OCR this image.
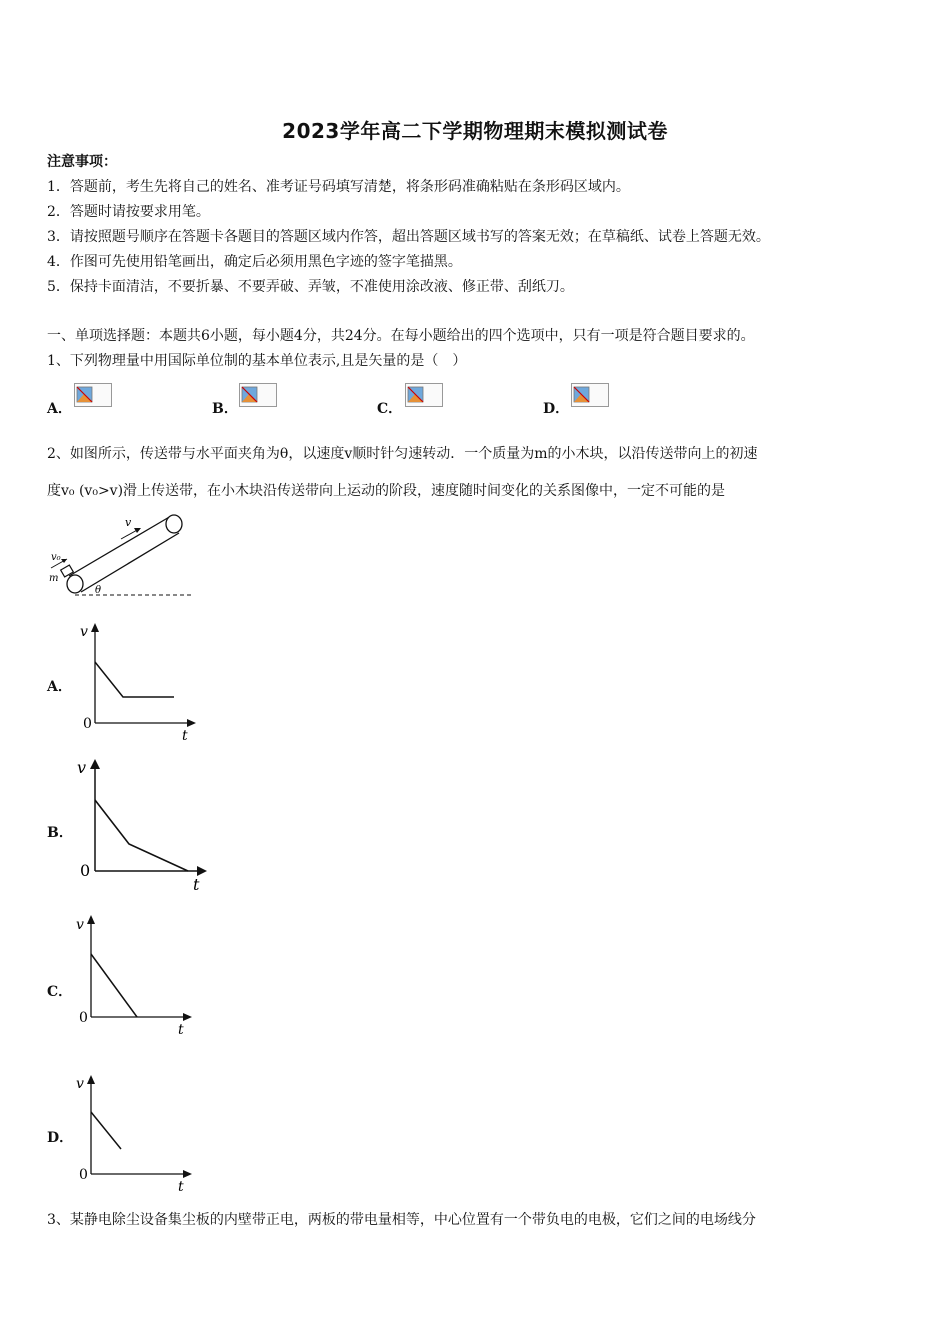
2023学年高二下学期物理期末模拟测试卷
注意事项：
1．答题前，考生先将自己的姓名、准考证号码填写清楚，将条形码准确粘贴在条形码区域内。
2．答题时请按要求用笔。
3．请按照题号顺序在答题卡各题目的答题区域内作答，超出答题区域书写的答案无效；在草稿纸、试卷上答题无效。
4．作图可先使用铅笔画出，确定后必须用黑色字迹的签字笔描黑。
5．保持卡面清洁，不要折暴、不要弄破、弄皱，不准使用涂改液、修正带、刮纸刀。
一、单项选择题：本题共6小题，每小题4分，共24分。在每小题给出的四个选项中，只有一项是符合题目要求的。
1、下列物理量中用国际单位制的基本单位表示,且是矢量的是（　）
A．	B．	C．	D．
2、如图所示，传送带与水平面夹角为θ，以速度v顺时针匀速转动．一个质量为m的小木块，以沿传送带向上的初速
度v₀ (v₀>v)滑上传送带，在小木块沿传送带向上运动的阶段，速度随时间变化的关系图像中，一定不可能的是
v
v₀
m
θ
A．
v
t
0
B．
v
t
0
C．
v
t
0
D．
v
t
0
3、某静电除尘设备集尘板的内壁带正电，两板的带电量相等，中心位置有一个带负电的电极，它们之间的电场线分
